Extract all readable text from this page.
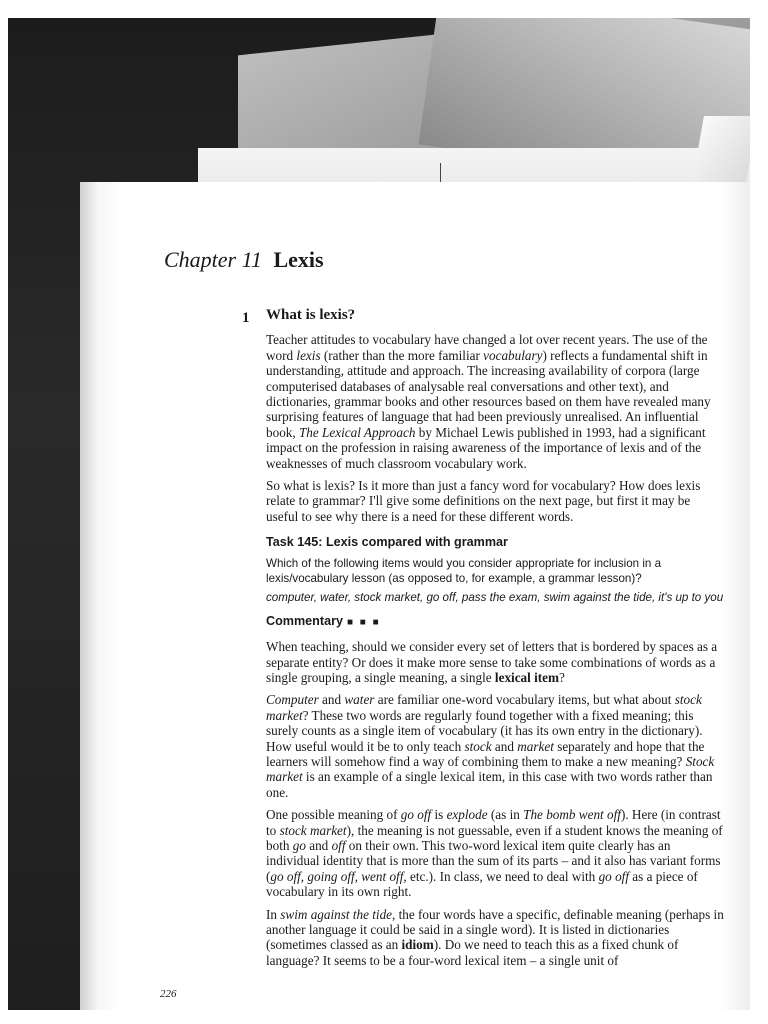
Chapter 11 Lexis
1 What is lexis?

Teacher attitudes to vocabulary have changed a lot over recent years. The use of the word lexis (rather than the more familiar vocabulary) reflects a fundamental shift in understanding, attitude and approach. The increasing availability of corpora (large computerised databases of analysable real conversations and other text), and dictionaries, grammar books and other resources based on them have revealed many surprising features of language that had been previously unrealised. An influential book, The Lexical Approach by Michael Lewis published in 1993, had a significant impact on the profession in raising awareness of the importance of lexis and of the weaknesses of much classroom vocabulary work.

So what is lexis? Is it more than just a fancy word for vocabulary? How does lexis relate to grammar? I'll give some definitions on the next page, but first it may be useful to see why there is a need for these different words.

Task 145: Lexis compared with grammar
Which of the following items would you consider appropriate for inclusion in a lexis/vocabulary lesson (as opposed to, for example, a grammar lesson)?
computer, water, stock market, go off, pass the exam, swim against the tide, it's up to you
Commentary ■ ■ ■

When teaching, should we consider every set of letters that is bordered by spaces as a separate entity? Or does it make more sense to take some combinations of words as a single grouping, a single meaning, a single lexical item?

Computer and water are familiar one-word vocabulary items, but what about stock market? These two words are regularly found together with a fixed meaning; this surely counts as a single item of vocabulary (it has its own entry in the dictionary). How useful would it be to only teach stock and market separately and hope that the learners will somehow find a way of combining them to make a new meaning? Stock market is an example of a single lexical item, in this case with two words rather than one.

One possible meaning of go off is explode (as in The bomb went off). Here (in contrast to stock market), the meaning is not guessable, even if a student knows the meaning of both go and off on their own. This two-word lexical item quite clearly has an individual identity that is more than the sum of its parts – and it also has variant forms (go off, going off, went off, etc.). In class, we need to deal with go off as a piece of vocabulary in its own right.

In swim against the tide, the four words have a specific, definable meaning (perhaps in another language it could be said in a single word). It is listed in dictionaries (sometimes classed as an idiom). Do we need to teach this as a fixed chunk of language? It seems to be a four-word lexical item – a single unit of

226
